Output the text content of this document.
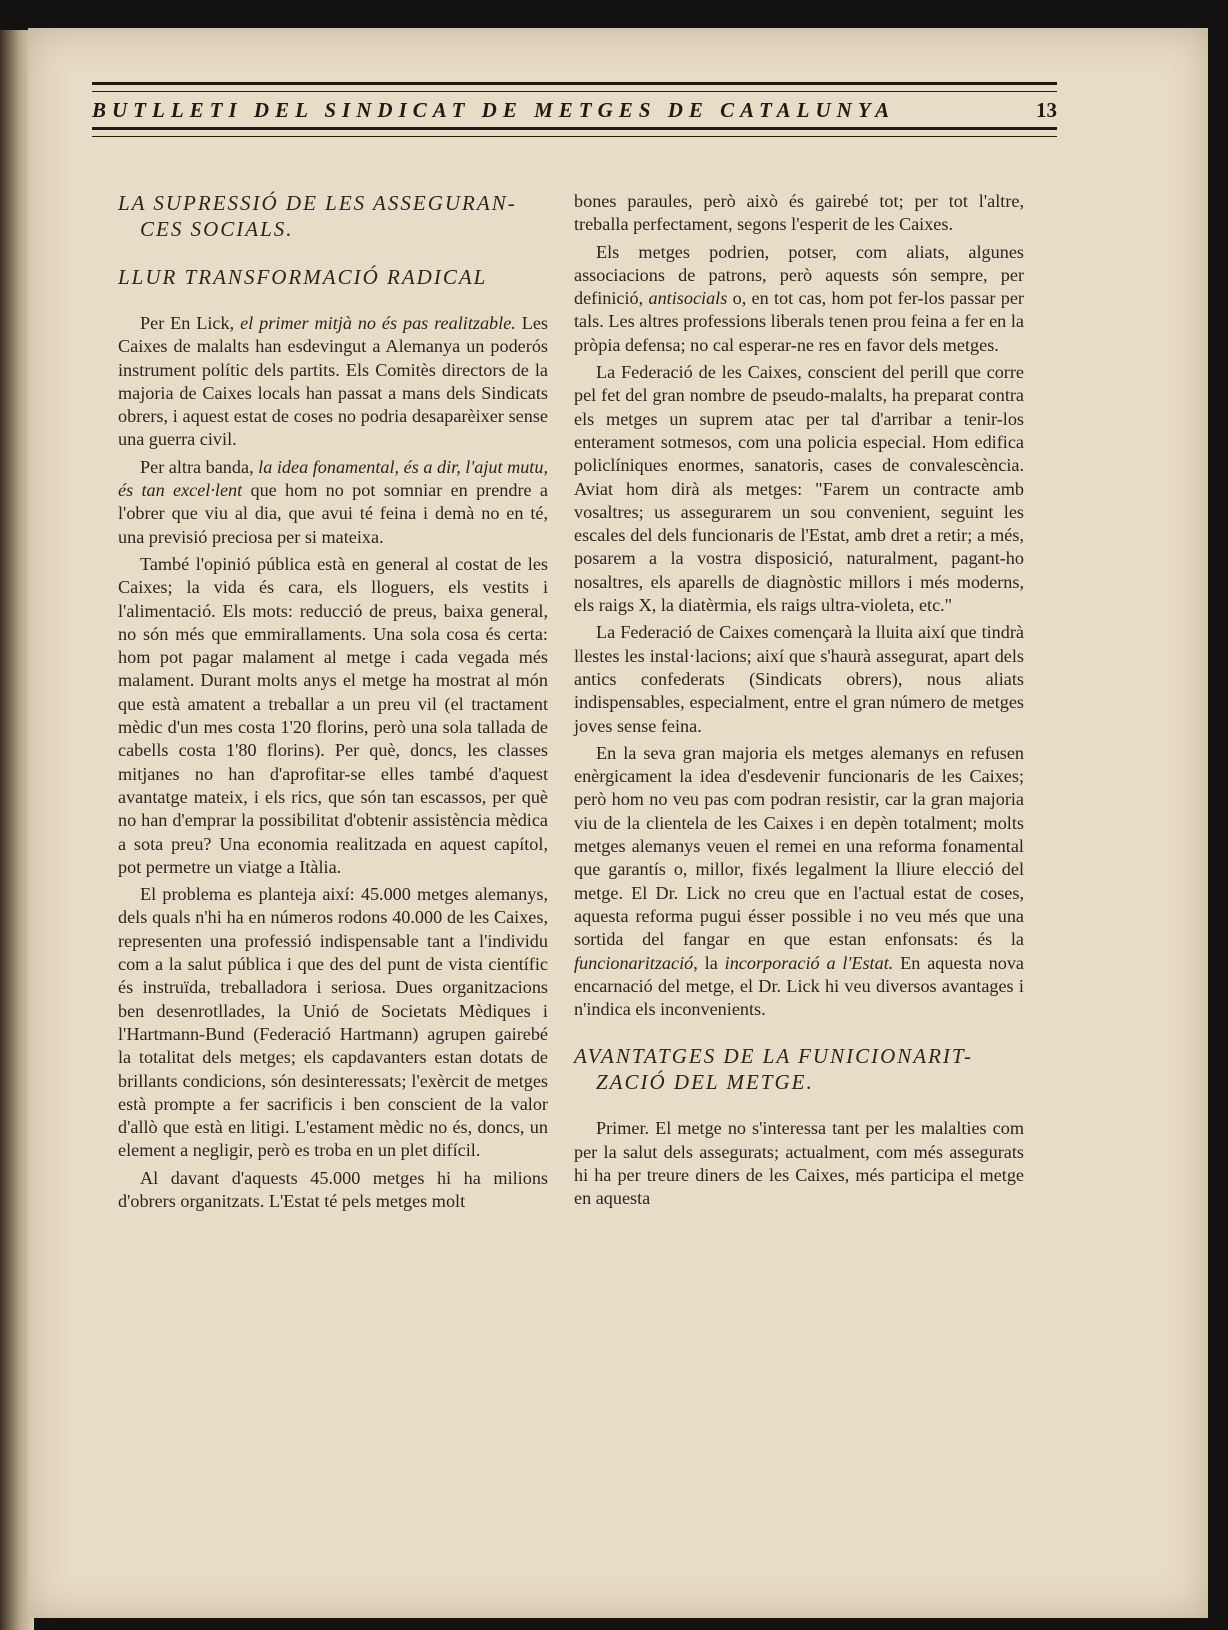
BUTLLETI DEL SINDICAT DE METGES DE CATALUNYA	13
LA SUPRESSIÓ DE LES ASSEGURAN-
CES SOCIALS.
LLUR TRANSFORMACIÓ RADICAL

Per En Lick, el primer mitjà no és pas realitzable. Les Caixes de malalts han esdevingut a Alemanya un poderós instrument polític dels partits. Els Comitès directors de la majoria de Caixes locals han passat a mans dels Sindicats obrers, i aquest estat de coses no podria desaparèixer sense una guerra civil.

Per altra banda, la idea fonamental, és a dir, l'ajut mutu, és tan excel·lent que hom no pot somniar en prendre a l'obrer que viu al dia, que avui té feina i demà no en té, una previsió preciosa per si mateixa.

També l'opinió pública està en general al costat de les Caixes; la vida és cara, els lloguers, els vestits i l'alimentació. Els mots: reducció de preus, baixa general, no són més que emmirallaments. Una sola cosa és certa: hom pot pagar malament al metge i cada vegada més malament. Durant molts anys el metge ha mostrat al món que està amatent a treballar a un preu vil (el tractament mèdic d'un mes costa 1'20 florins, però una sola tallada de cabells costa 1'80 florins). Per què, doncs, les classes mitjanes no han d'aprofitar-se elles també d'aquest avantatge mateix, i els rics, que són tan escassos, per què no han d'emprar la possibilitat d'obtenir assistència mèdica a sota preu? Una economia realitzada en aquest capítol, pot permetre un viatge a Itàlia.

El problema es planteja així: 45.000 metges alemanys, dels quals n'hi ha en números rodons 40.000 de les Caixes, representen una professió indispensable tant a l'individu com a la salut pública i que des del punt de vista científic és instruïda, treballadora i seriosa. Dues organitzacions ben desenrotllades, la Unió de Societats Mèdiques i l'Hartmann-Bund (Federació Hartmann) agrupen gairebé la totalitat dels metges; els capdavanters estan dotats de brillants condicions, són desinteressats; l'exèrcit de metges està prompte a fer sacrificis i ben conscient de la valor d'allò que està en litigi. L'estament mèdic no és, doncs, un element a negligir, però es troba en un plet difícil.

Al davant d'aquests 45.000 metges hi ha milions d'obrers organitzats. L'Estat té pels metges molt

bones paraules, però això és gairebé tot; per tot l'altre, treballa perfectament, segons l'esperit de les Caixes.

Els metges podrien, potser, com aliats, algunes associacions de patrons, però aquests són sempre, per definició, antisocials o, en tot cas, hom pot fer-los passar per tals. Les altres professions liberals tenen prou feina a fer en la pròpia defensa; no cal esperar-ne res en favor dels metges.

La Federació de les Caixes, conscient del perill que corre pel fet del gran nombre de pseudo-malalts, ha preparat contra els metges un suprem atac per tal d'arribar a tenir-los enterament sotmesos, com una policia especial. Hom edifica policlíniques enormes, sanatoris, cases de convalescència. Aviat hom dirà als metges: "Farem un contracte amb vosaltres; us assegurarem un sou convenient, seguint les escales del dels funcionaris de l'Estat, amb dret a retir; a més, posarem a la vostra disposició, naturalment, pagant-ho nosaltres, els aparells de diagnòstic millors i més moderns, els raigs X, la diatèrmia, els raigs ultra-violeta, etc."

La Federació de Caixes començarà la lluita així que tindrà llestes les instal·lacions; així que s'haurà assegurat, apart dels antics confederats (Sindicats obrers), nous aliats indispensables, especialment, entre el gran número de metges joves sense feina.

En la seva gran majoria els metges alemanys en refusen enèrgicament la idea d'esdevenir funcionaris de les Caixes; però hom no veu pas com podran resistir, car la gran majoria viu de la clientela de les Caixes i en depèn totalment; molts metges alemanys veuen el remei en una reforma fonamental que garantís o, millor, fixés legalment la lliure elecció del metge. El Dr. Lick no creu que en l'actual estat de coses, aquesta reforma pugui ésser possible i no veu més que una sortida del fangar en que estan enfonsats: és la funcionarització, la incorporació a l'Estat. En aquesta nova encarnació del metge, el Dr. Lick hi veu diversos avantages i n'indica els inconvenients.

AVANTATGES DE LA FUNICIONARIT-
ZACIÓ DEL METGE.

Primer. El metge no s'interessa tant per les malalties com per la salut dels assegurats; actualment, com més assegurats hi ha per treure diners de les Caixes, més participa el metge en aquesta
